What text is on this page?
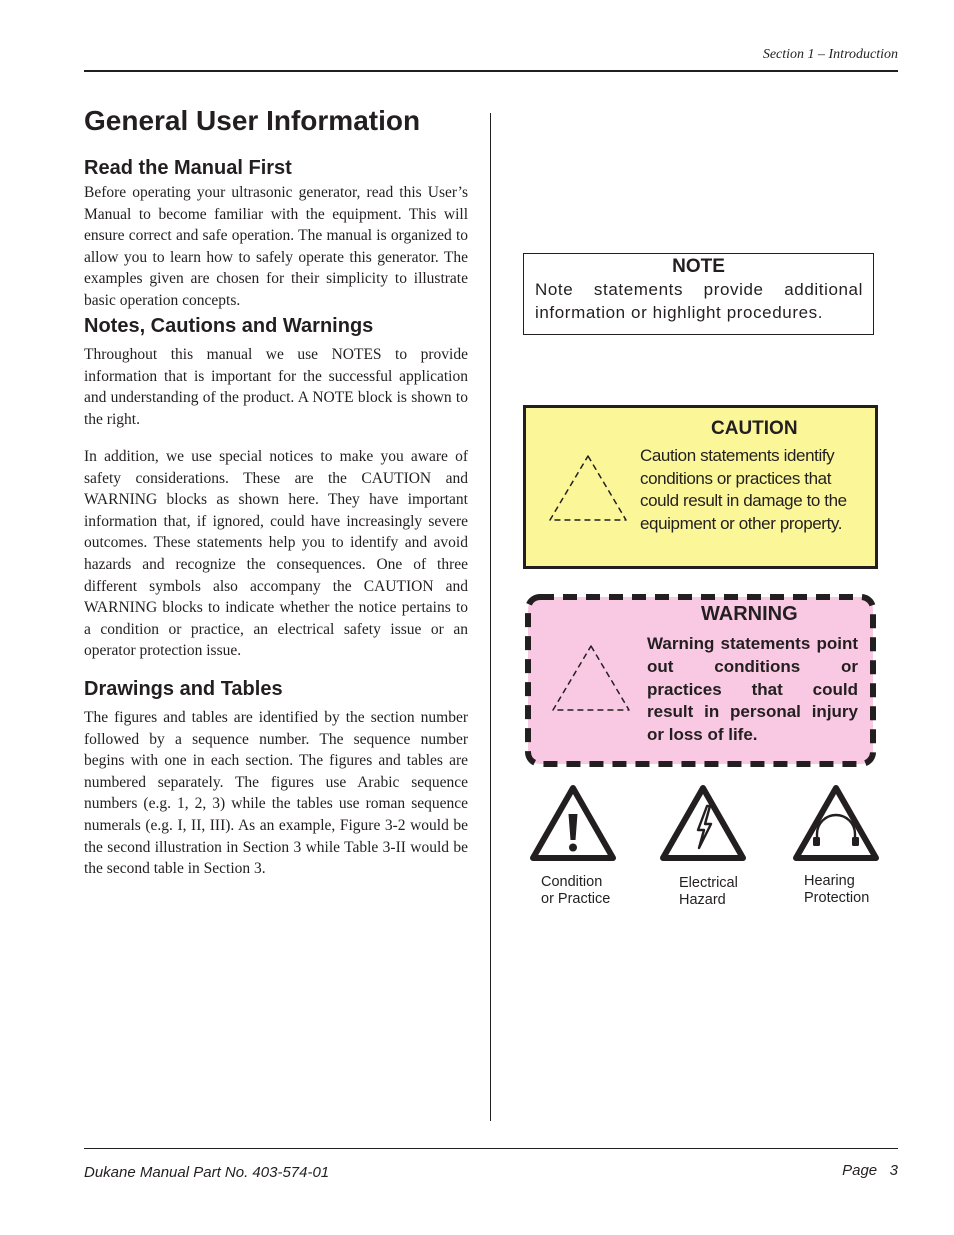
Section 1 – Introduction
General User Information
Read the Manual First

Before operating your ultrasonic generator, read this User’s Manual to become familiar with the equipment. This will ensure correct and safe operation. The manual is organized to allow you to learn how to safely operate this generator. The examples given are chosen for their simplicity to illustrate basic operation concepts.

Notes, Cautions and Warnings

Throughout this manual we use NOTES to provide information that is important for the successful application and understanding of the product. A NOTE block is shown to the right.

In addition, we use special notices to make you aware of safety considerations. These are the CAUTION and WARNING blocks as shown here. They have important information that, if ignored, could have increasingly severe outcomes. These statements help you to identify and avoid hazards and recognize the consequences. One of three different symbols also accompany the CAUTION and WARNING blocks to indicate whether the notice pertains to a condition or practice, an electrical safety issue or an operator protection issue.

Drawings and Tables

The figures and tables are identified by the section number followed by a sequence number. The sequence number begins with one in each section. The figures and tables are numbered separately. The figures use Arabic sequence numbers (e.g. 1, 2, 3) while the tables use roman sequence numerals (e.g. I, II, III). As an example, Figure 3-2 would be the second illustration in Section 3 while Table 3-II would be the second table in Section 3.

NOTE
Note statements provide additional information or highlight procedures.
CAUTION
Caution statements identify conditions or practices that could result in damage to the equipment or other property.
WARNING
Warning statements point out conditions or practices that could result in personal injury or loss of life.
Condition
or Practice
Electrical
Hazard
Hearing
Protection
Dukane Manual Part No. 403-574-01	Page   3
